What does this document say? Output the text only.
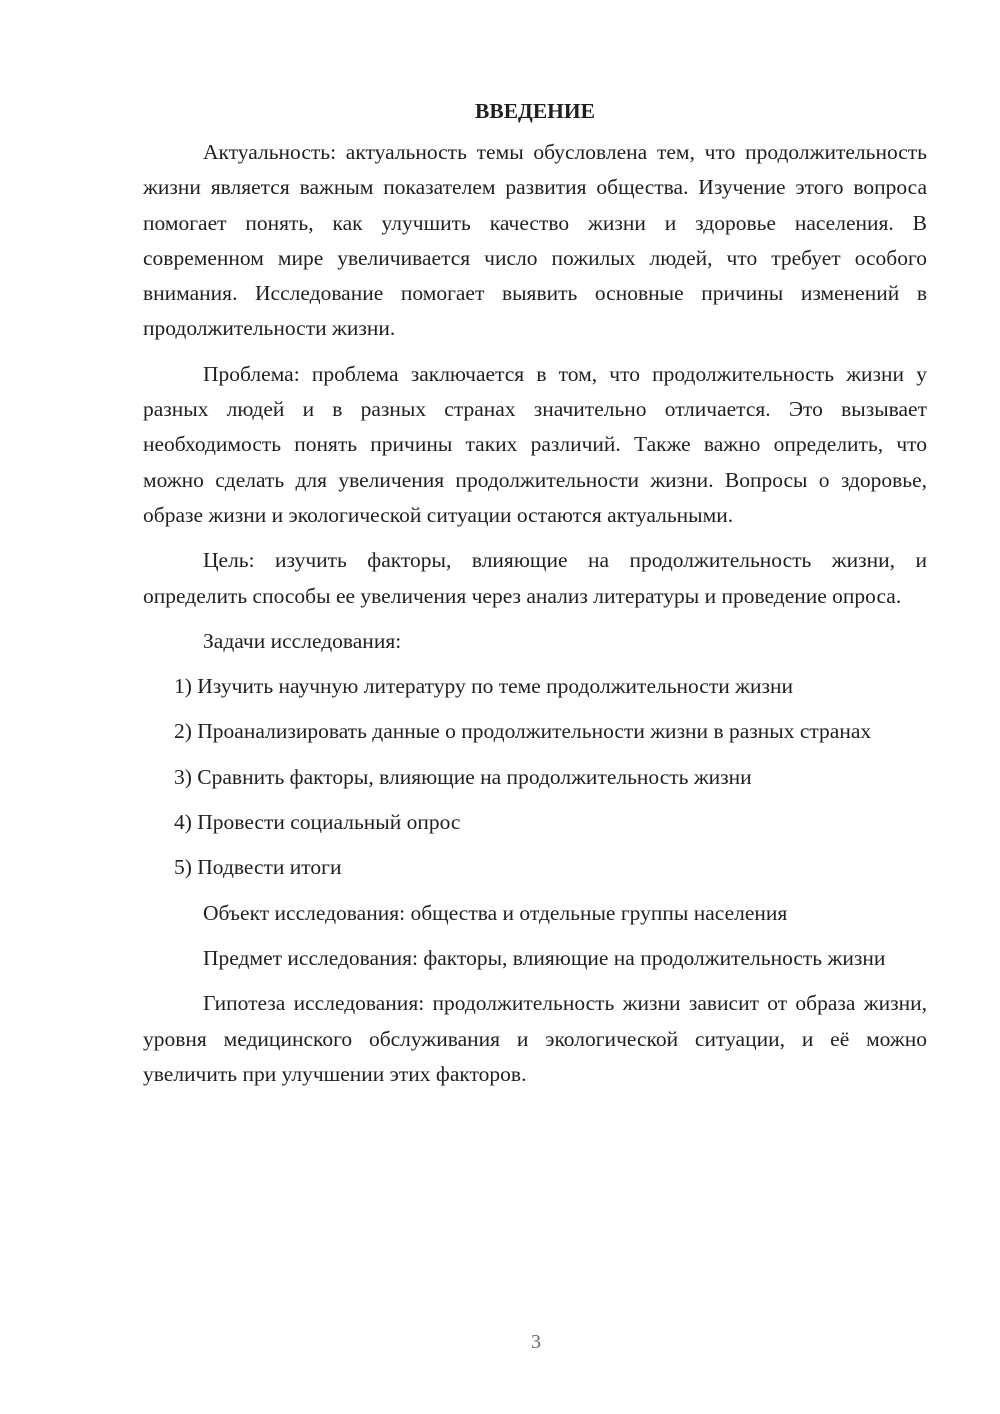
ВВЕДЕНИЕ

Актуальность: актуальность темы обусловлена тем, что продолжительность жизни является важным показателем развития общества. Изучение этого вопроса помогает понять, как улучшить качество жизни и здоровье населения. В современном мире увеличивается число пожилых людей, что требует особого внимания. Исследование помогает выявить основные причины изменений в продолжительности жизни.

Проблема: проблема заключается в том, что продолжительность жизни у разных людей и в разных странах значительно отличается. Это вызывает необходимость понять причины таких различий. Также важно определить, что можно сделать для увеличения продолжительности жизни. Вопросы о здоровье, образе жизни и экологической ситуации остаются актуальными.

Цель: изучить факторы, влияющие на продолжительность жизни, и определить способы ее увеличения через анализ литературы и проведение опроса.

Задачи исследования:

1) Изучить научную литературу по теме продолжительности жизни

2) Проанализировать данные о продолжительности жизни в разных странах

3) Сравнить факторы, влияющие на продолжительность жизни

4) Провести социальный опрос

5) Подвести итоги

Объект исследования: общества и отдельные группы населения

Предмет исследования: факторы, влияющие на продолжительность жизни

Гипотеза исследования: продолжительность жизни зависит от образа жизни, уровня медицинского обслуживания и экологической ситуации, и её можно увеличить при улучшении этих факторов.

3
